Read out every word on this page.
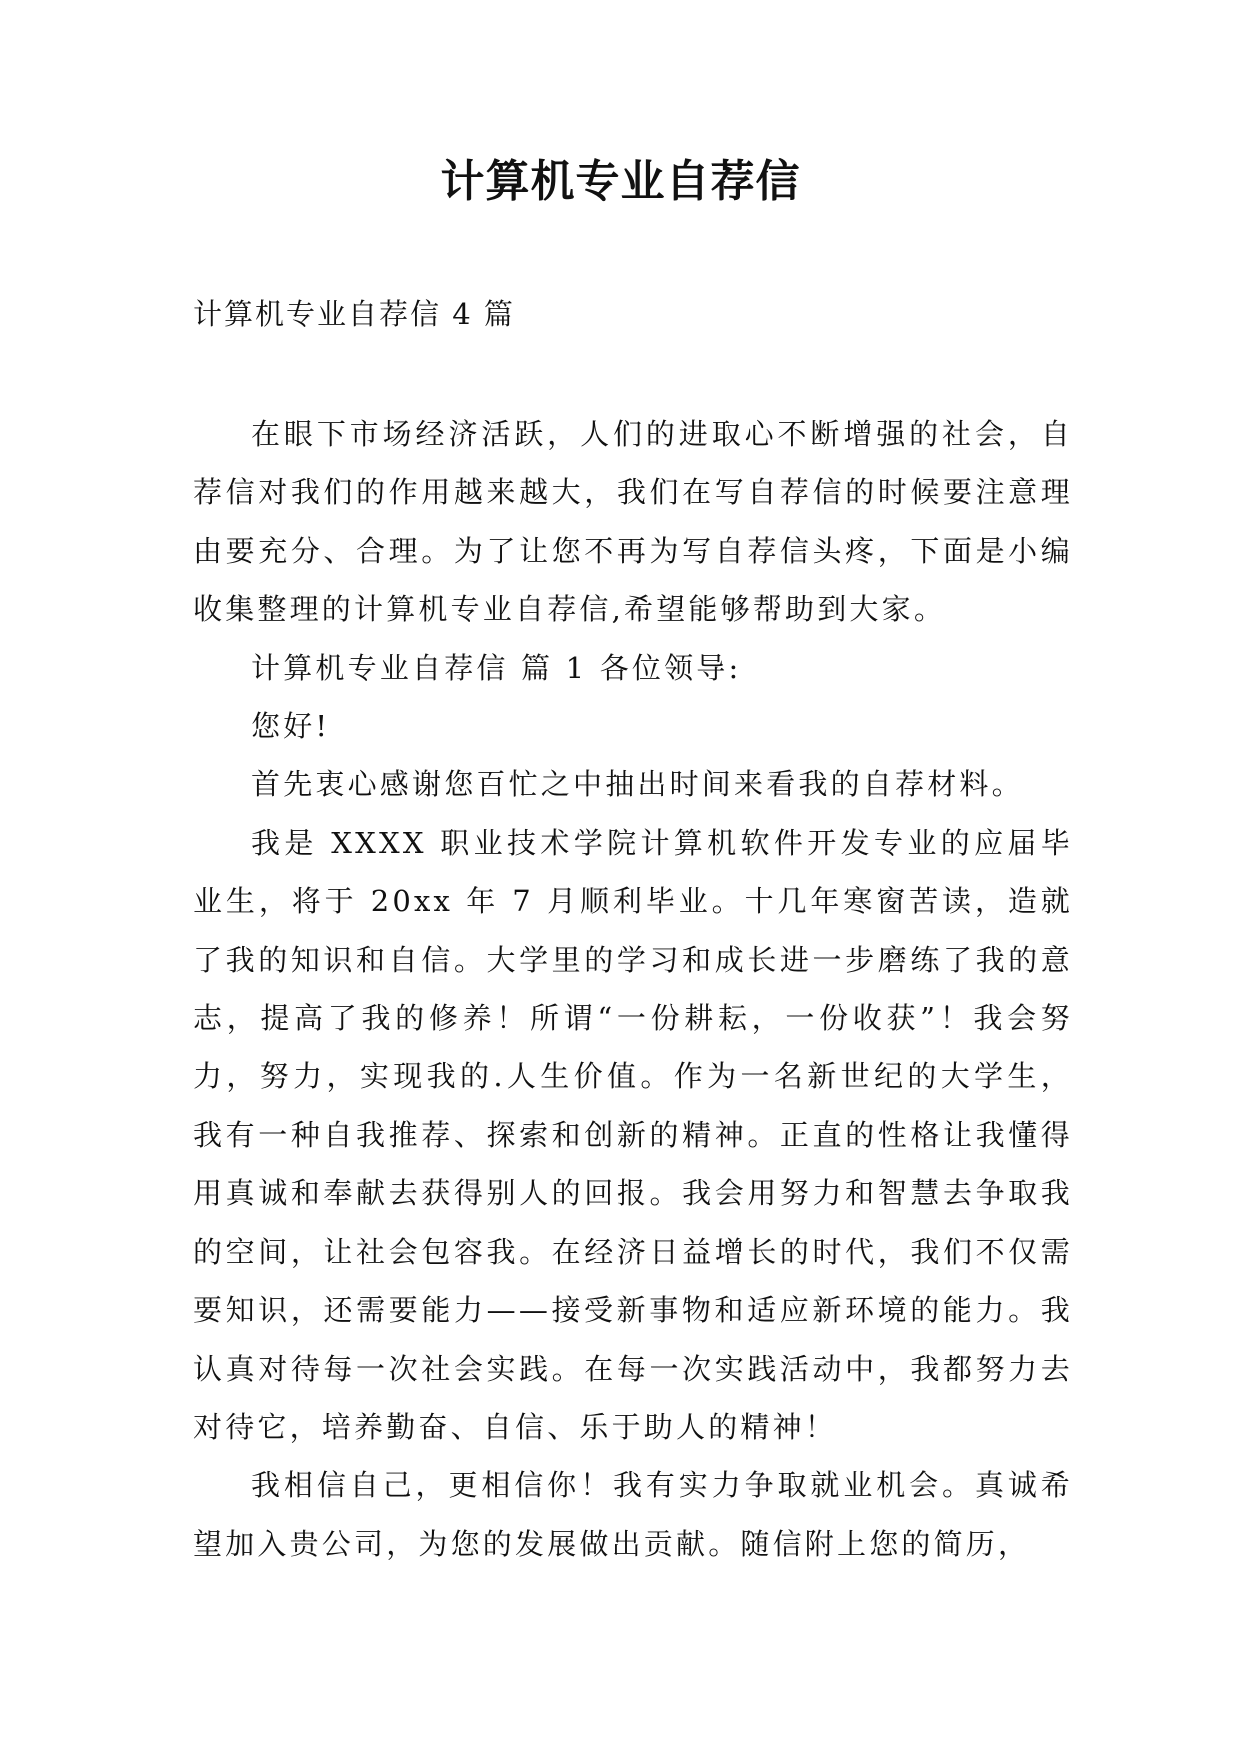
计算机专业自荐信
计算机专业自荐信 4 篇

在眼下市场经济活跃，人们的进取心不断增强的社会，自荐信对我们的作用越来越大，我们在写自荐信的时候要注意理由要充分、合理。为了让您不再为写自荐信头疼，下面是小编收集整理的计算机专业自荐信,希望能够帮助到大家。

计算机专业自荐信 篇 1 各位领导:

您好!

首先衷心感谢您百忙之中抽出时间来看我的自荐材料。

我是 XXXX 职业技术学院计算机软件开发专业的应届毕业生，将于 20xx 年 7 月顺利毕业。十几年寒窗苦读，造就了我的知识和自信。大学里的学习和成长进一步磨练了我的意志，提高了我的修养！所谓“一份耕耘，一份收获”！我会努力，努力，实现我的.人生价值。作为一名新世纪的大学生，我有一种自我推荐、探索和创新的精神。正直的性格让我懂得用真诚和奉献去获得别人的回报。我会用努力和智慧去争取我的空间，让社会包容我。在经济日益增长的时代，我们不仅需要知识，还需要能力——接受新事物和适应新环境的能力。我认真对待每一次社会实践。在每一次实践活动中，我都努力去对待它，培养勤奋、自信、乐于助人的精神！

我相信自己，更相信你！我有实力争取就业机会。真诚希望加入贵公司，为您的发展做出贡献。随信附上您的简历，
